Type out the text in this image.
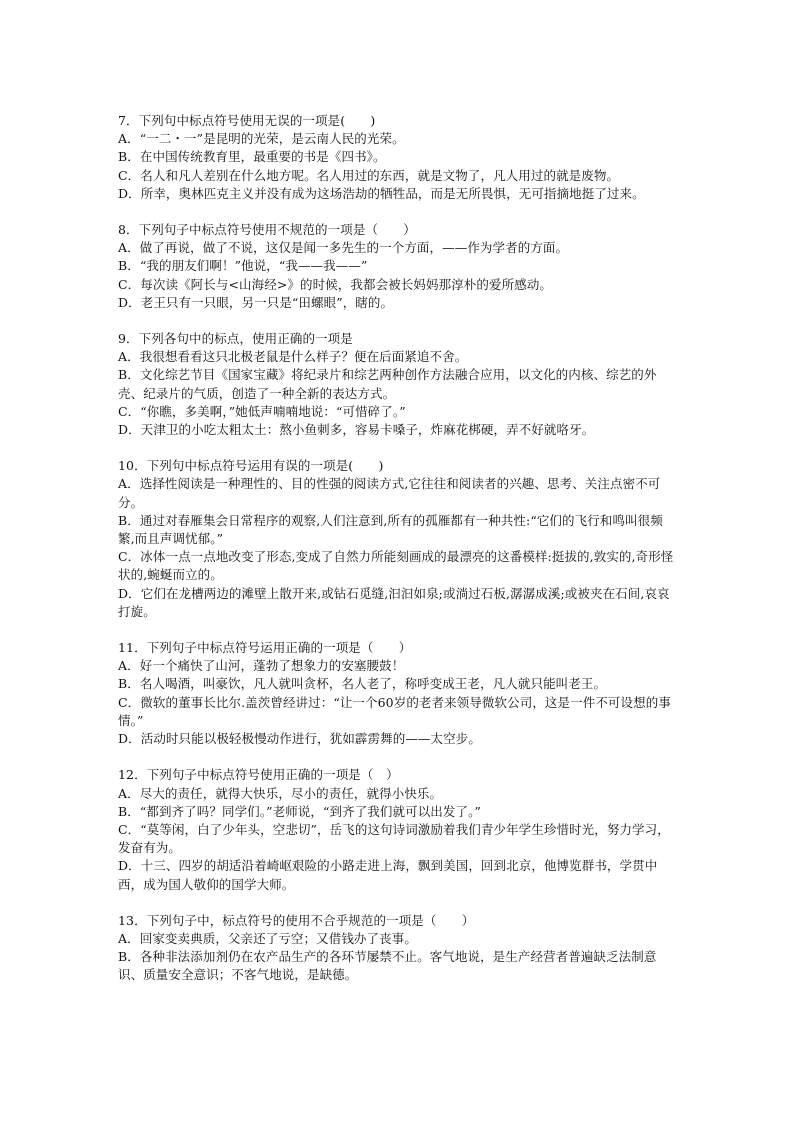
7．下列句中标点符号使用无误的一项是(　　)

A．“一二・一”是昆明的光荣，是云南人民的光荣。
B．在中国传统教育里，最重要的书是《四书》。
C．名人和凡人差别在什么地方呢。名人用过的东西，就是文物了，凡人用过的就是废物。
D．所幸，奥林匹克主义并没有成为这场浩劫的牺牲品，而是无所畏惧，无可指摘地挺了过来。

8．下列句子中标点符号使用不规范的一项是（　　）

A．做了再说，做了不说，这仅是闻一多先生的一个方面，——作为学者的方面。
B．“我的朋友们啊！”他说，“我——我——”
C．每次读《阿长与<山海经>》的时候，我都会被长妈妈那淳朴的爱所感动。
D．老王只有一只眼，另一只是“田螺眼”，瞎的。

9．下列各句中的标点，使用正确的一项是

A．我很想看看这只北极老鼠是什么样子？便在后面紧追不舍。
B．文化综艺节目《国家宝藏》将纪录片和综艺两种创作方法融合应用，以文化的内核、综艺的外壳、纪录片的气质，创造了一种全新的表达方式。
C．“你瞧，多美啊，”她低声喃喃地说：“可惜碎了。”
D．天津卫的小吃太粗太土：熬小鱼刺多，容易卡嗓子，炸麻花梆硬，弄不好就咯牙。

10．下列句中标点符号运用有误的一项是(　　)

A．选择性阅读是一种理性的、目的性强的阅读方式,它往往和阅读者的兴趣、思考、关注点密不可分。
B．通过对春雁集会日常程序的观察,人们注意到,所有的孤雁都有一种共性:“它们的飞行和鸣叫很频繁,而且声调忧郁。”
C．冰体一点一点地改变了形态,变成了自然力所能刻画成的最漂亮的这番模样:挺拔的,敦实的,奇形怪状的,蜿蜒而立的。
D．它们在龙槽两边的滩壁上散开来,或钻石觅缝,汩汩如泉;或淌过石板,潺潺成溪;或被夹在石间,哀哀打旋。

11．下列句子中标点符号运用正确的一项是（　　）

A．好一个痛快了山河，蓬勃了想象力的安塞腰鼓！
B．名人喝酒，叫豪饮，凡人就叫贪杯，名人老了，称呼变成王老，凡人就只能叫老王。
C．微软的董事长比尔.盖茨曾经讲过：“让一个60岁的老者来领导微软公司，这是一件不可设想的事情。”
D．活动时只能以极轻极慢动作进行，犹如霹雳舞的——太空步。

12．下列句子中标点符号使用正确的一项是（　）

A．尽大的责任，就得大快乐，尽小的责任，就得小快乐。
B．“都到齐了吗？同学们。”老师说，“到齐了我们就可以出发了。”
C．“莫等闲，白了少年头，空悲切”，岳飞的这句诗词激励着我们青少年学生珍惜时光，努力学习，发奋有为。
D．十三、四岁的胡适沿着崎岖艰险的小路走进上海，飘到美国，回到北京，他博览群书，学贯中西，成为国人敬仰的国学大师。

13．下列句子中，标点符号的使用不合乎规范的一项是（　　）

A．回家变卖典质，父亲还了亏空；又借钱办了丧事。
B．各种非法添加剂仍在农产品生产的各环节屡禁不止。客气地说，是生产经营者普遍缺乏法制意识、质量安全意识；不客气地说，是缺德。
